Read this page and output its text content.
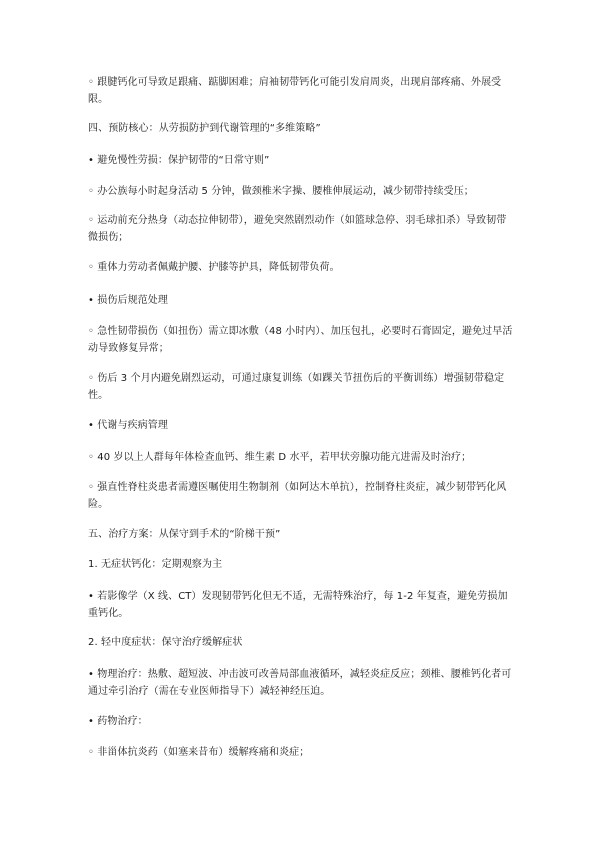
◦ 跟腱钙化可导致足跟痛、踮脚困难；肩袖韧带钙化可能引发肩周炎，出现肩部疼痛、外展受限。

四、预防核心：从劳损防护到代谢管理的“多维策略”

• 避免慢性劳损：保护韧带的“日常守则”

◦ 办公族每小时起身活动 5 分钟，做颈椎米字操、腰椎伸展运动，减少韧带持续受压；

◦ 运动前充分热身（动态拉伸韧带），避免突然剧烈动作（如篮球急停、羽毛球扣杀）导致韧带微损伤；

◦ 重体力劳动者佩戴护腰、护膝等护具，降低韧带负荷。

• 损伤后规范处理

◦ 急性韧带损伤（如扭伤）需立即冰敷（48 小时内）、加压包扎，必要时石膏固定，避免过早活动导致修复异常；

◦ 伤后 3 个月内避免剧烈运动，可通过康复训练（如踝关节扭伤后的平衡训练）增强韧带稳定性。

• 代谢与疾病管理

◦ 40 岁以上人群每年体检查血钙、维生素 D 水平，若甲状旁腺功能亢进需及时治疗；

◦ 强直性脊柱炎患者需遵医嘱使用生物制剂（如阿达木单抗），控制脊柱炎症，减少韧带钙化风险。

五、治疗方案：从保守到手术的“阶梯干预”

1. 无症状钙化：定期观察为主

• 若影像学（X 线、CT）发现韧带钙化但无不适，无需特殊治疗，每 1-2 年复查，避免劳损加重钙化。

2. 轻中度症状：保守治疗缓解症状

• 物理治疗：热敷、超短波、冲击波可改善局部血液循环，减轻炎症反应；颈椎、腰椎钙化者可通过牵引治疗（需在专业医师指导下）减轻神经压迫。

• 药物治疗：

◦ 非甾体抗炎药（如塞来昔布）缓解疼痛和炎症；
